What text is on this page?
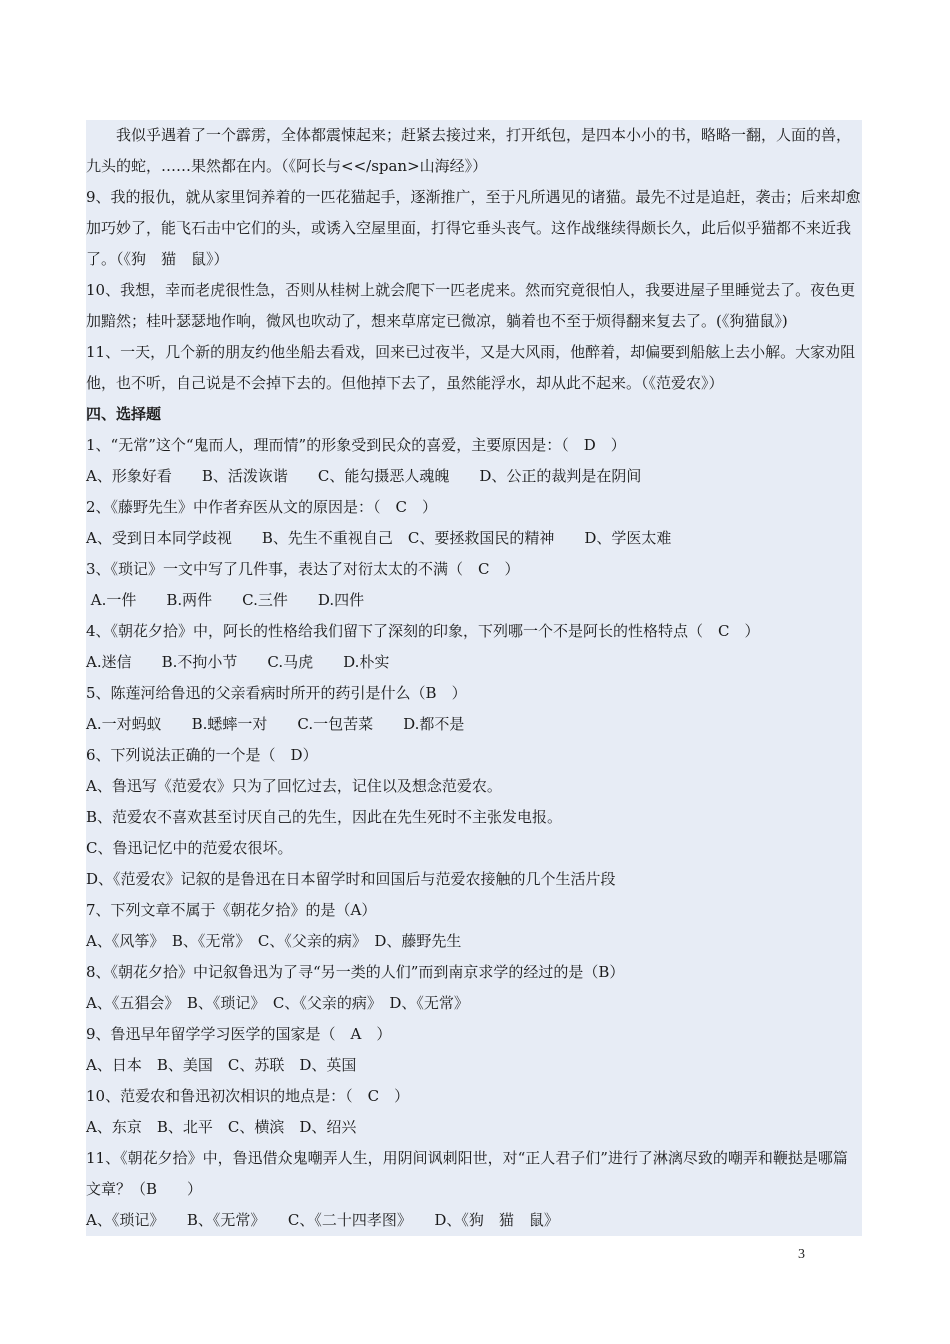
我似乎遇着了一个霹雳，全体都震悚起来；赶紧去接过来，打开纸包，是四本小小的书，略略一翻，人面的兽，九头的蛇，……果然都在内。（《阿长与<</span>山海经》）
9、我的报仇，就从家里饲养着的一匹花猫起手，逐渐推广，至于凡所遇见的诸猫。最先不过是追赶，袭击；后来却愈加巧妙了，能飞石击中它们的头，或诱入空屋里面，打得它垂头丧气。这作战继续得颇长久，此后似乎猫都不来近我了。（《狗　猫　鼠》）
10、我想，幸而老虎很性急，否则从桂树上就会爬下一匹老虎来。然而究竟很怕人，我要进屋子里睡觉去了。夜色更加黯然；桂叶瑟瑟地作响，微风也吹动了，想来草席定已微凉，躺着也不至于烦得翻来复去了。(《狗猫鼠》)
11、一天，几个新的朋友约他坐船去看戏，回来已过夜半，又是大风雨，他醉着，却偏要到船舷上去小解。大家劝阻他，也不听，自己说是不会掉下去的。但他掉下去了，虽然能浮水，却从此不起来。（《范爱农》）
四、选择题
1、“无常”这个“鬼而人，理而情”的形象受到民众的喜爱，主要原因是：（　D　）
A、形象好看　　B、活泼诙谐　　C、能勾摄恶人魂魄　　D、公正的裁判是在阴间
2、《藤野先生》中作者弃医从文的原因是：（　C　）
A、受到日本同学歧视　　B、先生不重视自己　C、要拯救国民的精神　　D、学医太难
3、《琐记》一文中写了几件事，表达了对衍太太的不满（　C　）
A.一件　　B.两件　　C.三件　　D.四件
4、《朝花夕拾》中，阿长的性格给我们留下了深刻的印象，下列哪一个不是阿长的性格特点（　C　）
A.迷信　　B.不拘小节　　C.马虎　　D.朴实
5、陈莲河给鲁迅的父亲看病时所开的药引是什么（B　）
A.一对蚂蚁　　B.蟋蟀一对　　C.一包苦菜　　D.都不是
6、下列说法正确的一个是（　D）
A、鲁迅写《范爱农》只为了回忆过去，记住以及想念范爱农。
B、范爱农不喜欢甚至讨厌自己的先生，因此在先生死时不主张发电报。
C、鲁迅记忆中的范爱农很坏。
D、《范爱农》记叙的是鲁迅在日本留学时和回国后与范爱农接触的几个生活片段
7、下列文章不属于《朝花夕拾》的是（A）
A、《风筝》　B、《无常》　C、《父亲的病》　D、藤野先生
8、《朝花夕拾》中记叙鲁迅为了寻“另一类的人们”而到南京求学的经过的是（B）
A、《五猖会》　B、《琐记》　C、《父亲的病》　D、《无常》
9、鲁迅早年留学学习医学的国家是（　A　）
A、日本　B、美国　C、苏联　D、英国
10、范爱农和鲁迅初次相识的地点是：（　C　）
A、东京　B、北平　C、横滨　D、绍兴
11、《朝花夕拾》中，鲁迅借众鬼嘲弄人生，用阴间讽刺阳世，对“正人君子们”进行了淋漓尽致的嘲弄和鞭挞是哪篇文章？（B　　）
A、《琐记》　　B、《无常》　　C、《二十四孝图》　　D、《狗　猫　鼠》
3
